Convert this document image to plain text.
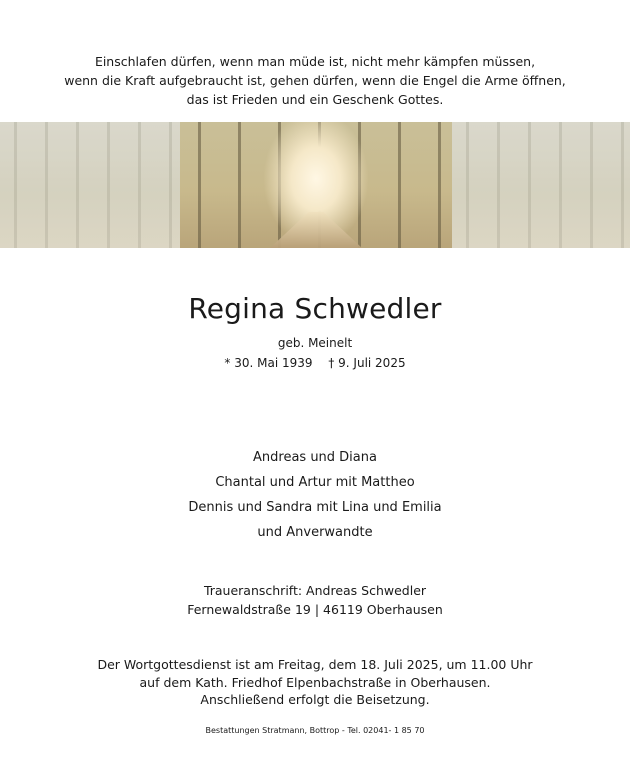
Einschlafen dürfen, wenn man müde ist, nicht mehr kämpfen müssen,
wenn die Kraft aufgebraucht ist, gehen dürfen, wenn die Engel die Arme öffnen,
das ist Frieden und ein Geschenk Gottes.
Regina Schwedler
geb. Meinelt
* 30. Mai 1939 † 9. Juli 2025
Andreas und Diana
Chantal und Artur mit Mattheo
Dennis und Sandra mit Lina und Emilia
und Anverwandte
Traueranschrift: Andreas Schwedler
Fernewaldstraße 19 | 46119 Oberhausen
Der Wortgottesdienst ist am Freitag, dem 18. Juli 2025, um 11.00 Uhr
auf dem Kath. Friedhof Elpenbachstraße in Oberhausen.
Anschließend erfolgt die Beisetzung.
Bestattungen Stratmann, Bottrop - Tel. 02041- 1 85 70
